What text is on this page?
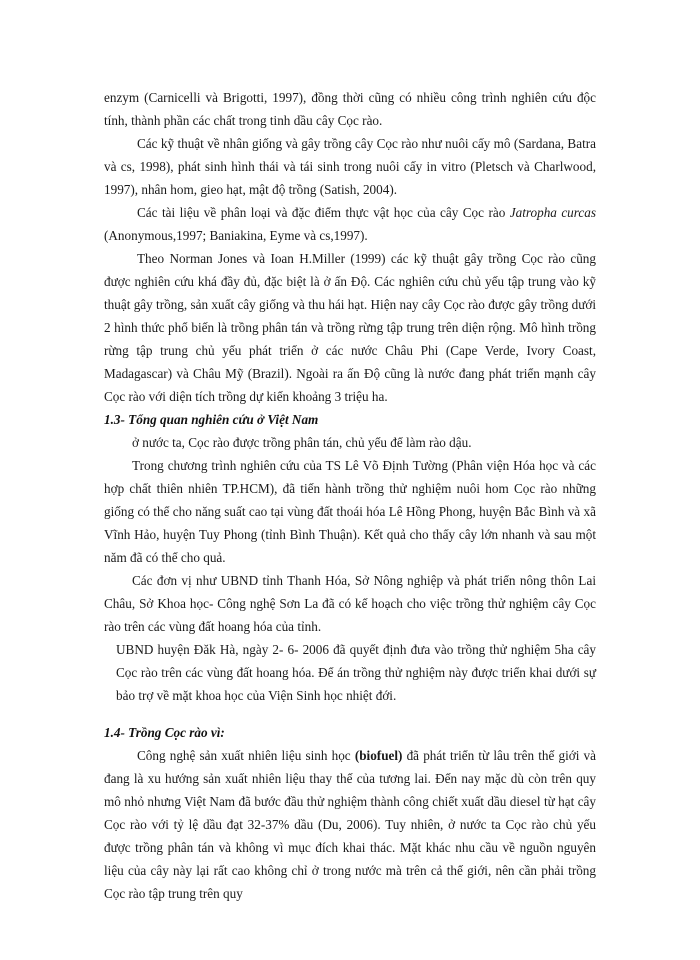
enzym (Carnicelli và Brigotti, 1997), đồng thời cũng có nhiều công trình nghiên cứu độc tính, thành phần các chất trong tinh dầu cây Cọc rào.

Các kỹ thuật về nhân giống và gây trồng cây Cọc rào như nuôi cấy mô (Sardana, Batra và cs, 1998), phát sinh hình thái và tái sinh trong nuôi cấy in vitro (Pletsch và Charlwood, 1997), nhân hom, gieo hạt, mật độ trồng (Satish, 2004).

Các tài liệu về phân loại và đặc điểm thực vật học của cây Cọc rào Jatropha curcas (Anonymous,1997; Baniakina, Eyme và cs,1997).

Theo Norman Jones và Ioan H.Miller (1999) các kỹ thuật gây trồng Cọc rào cũng được nghiên cứu khá đầy đủ, đặc biệt là ở ấn Độ. Các nghiên cứu chủ yếu tập trung vào kỹ thuật gây trồng, sản xuất cây giống và thu hái hạt. Hiện nay cây Cọc rào được gây trồng dưới 2 hình thức phổ biến là trồng phân tán và trồng rừng tập trung trên diện rộng. Mô hình trồng rừng tập trung chủ yếu phát triển ở các nước Châu Phi (Cape Verde, Ivory Coast, Madagascar) và Châu Mỹ (Brazil). Ngoài ra ấn Độ cũng là nước đang phát triển mạnh cây Cọc rào với diện tích trồng dự kiến khoảng 3 triệu ha.

1.3- Tổng quan nghiên cứu ở Việt Nam

ở nước ta, Cọc rào được trồng phân tán, chủ yếu để làm rào dậu.

Trong chương trình nghiên cứu của TS Lê Võ Định Tường (Phân viện Hóa học và các hợp chất thiên nhiên TP.HCM), đã tiến hành trồng thử nghiệm nuôi hom Cọc rào những giống có thể cho năng suất cao tại vùng đất thoái hóa Lê Hồng Phong, huyện Bắc Bình và xã Vĩnh Hảo, huyện Tuy Phong (tỉnh Bình Thuận). Kết quả cho thấy cây lớn nhanh và sau một năm đã có thể cho quả.

Các đơn vị như UBND tỉnh Thanh Hóa, Sở Nông nghiệp và phát triển nông thôn Lai Châu, Sở Khoa học- Công nghệ Sơn La đã có kế hoạch cho việc trồng thử nghiệm cây Cọc rào trên các vùng đất hoang hóa của tỉnh.

UBND huyện Đăk Hà, ngày 2- 6- 2006 đã quyết định đưa vào trồng thử nghiệm 5ha cây Cọc rào trên các vùng đất hoang hóa. Để án trồng thử nghiệm này được triển khai dưới sự bảo trợ về mặt khoa học của Viện Sinh học nhiệt đới.

1.4- Trồng Cọc rào vì:

Công nghệ sản xuất nhiên liệu sinh học (biofuel) đã phát triển từ lâu trên thế giới và đang là xu hướng sản xuất nhiên liệu thay thế của tương lai. Đến nay mặc dù còn trên quy mô nhỏ nhưng Việt Nam đã bước đầu thử nghiệm thành công chiết xuất dầu diesel từ hạt cây Cọc rào với tỷ lệ dầu đạt 32-37% dầu (Du, 2006). Tuy nhiên, ở nước ta Cọc rào chủ yếu được trồng phân tán và không vì mục đích khai thác. Mặt khác nhu cầu về nguồn nguyên liệu của cây này lại rất cao không chỉ ở trong nước mà trên cả thế giới, nên cần phải trồng Cọc rào tập trung trên quy
